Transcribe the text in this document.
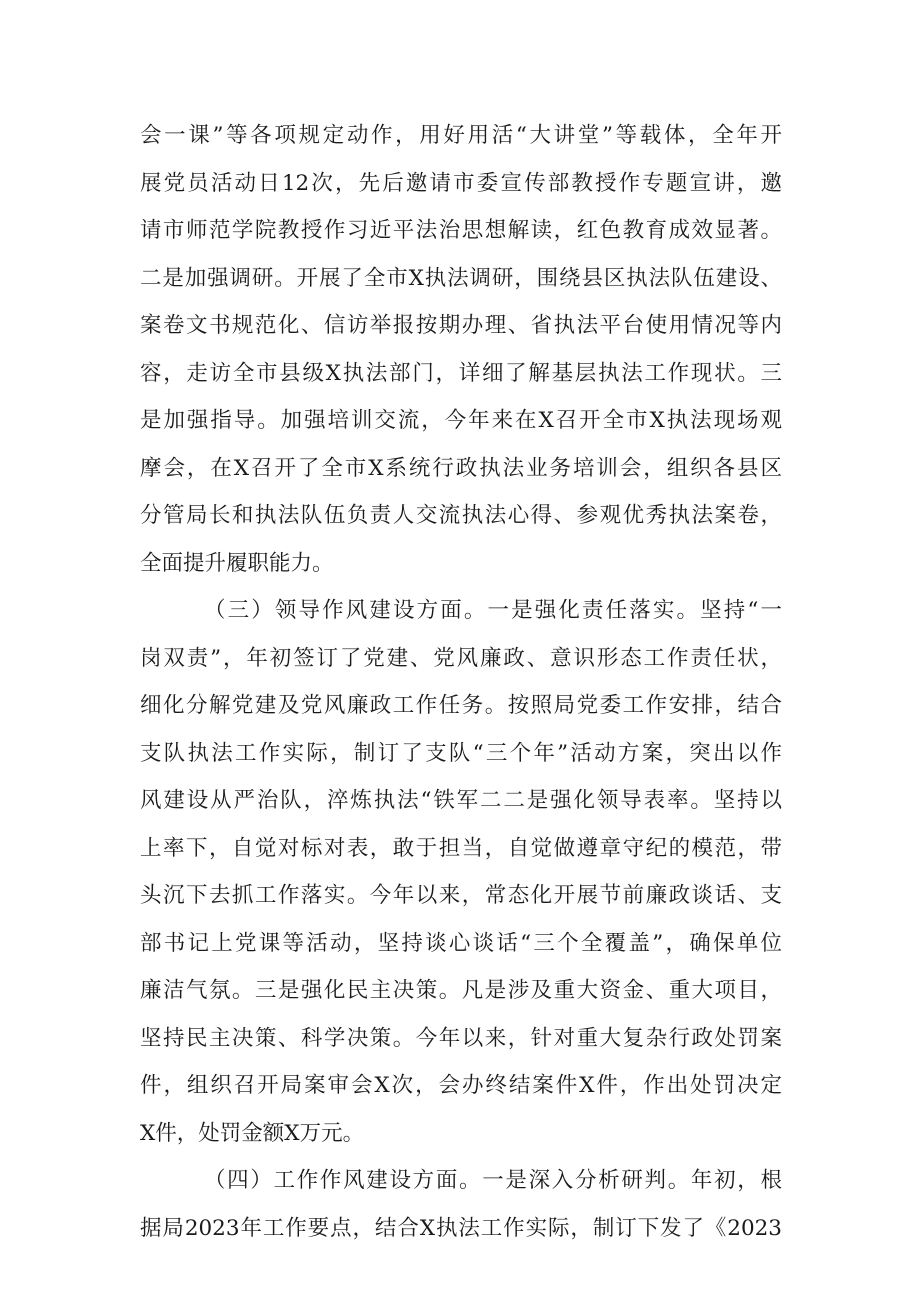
会一课”等各项规定动作，用好用活“大讲堂”等载体，全年开
展党员活动日12次，先后邀请市委宣传部教授作专题宣讲，邀
请市师范学院教授作习近平法治思想解读，红色教育成效显著。
二是加强调研。开展了全市X执法调研，围绕县区执法队伍建设、
案卷文书规范化、信访举报按期办理、省执法平台使用情况等内
容，走访全市县级X执法部门，详细了解基层执法工作现状。三
是加强指导。加强培训交流，今年来在X召开全市X执法现场观
摩会，在X召开了全市X系统行政执法业务培训会，组织各县区
分管局长和执法队伍负责人交流执法心得、参观优秀执法案卷，
全面提升履职能力。
（三）领导作风建设方面。一是强化责任落实。坚持“一
岗双责”，年初签订了党建、党风廉政、意识形态工作责任状，
细化分解党建及党风廉政工作任务。按照局党委工作安排，结合
支队执法工作实际，制订了支队“三个年”活动方案，突出以作
风建设从严治队，淬炼执法“铁军二二是强化领导表率。坚持以
上率下，自觉对标对表，敢于担当，自觉做遵章守纪的模范，带
头沉下去抓工作落实。今年以来，常态化开展节前廉政谈话、支
部书记上党课等活动，坚持谈心谈话“三个全覆盖”，确保单位
廉洁气氛。三是强化民主决策。凡是涉及重大资金、重大项目，
坚持民主决策、科学决策。今年以来，针对重大复杂行政处罚案
件，组织召开局案审会X次，会办终结案件X件，作出处罚决定
X件，处罚金额X万元。
（四）工作作风建设方面。一是深入分析研判。年初，根
据局2023年工作要点，结合X执法工作实际，制订下发了《2023
